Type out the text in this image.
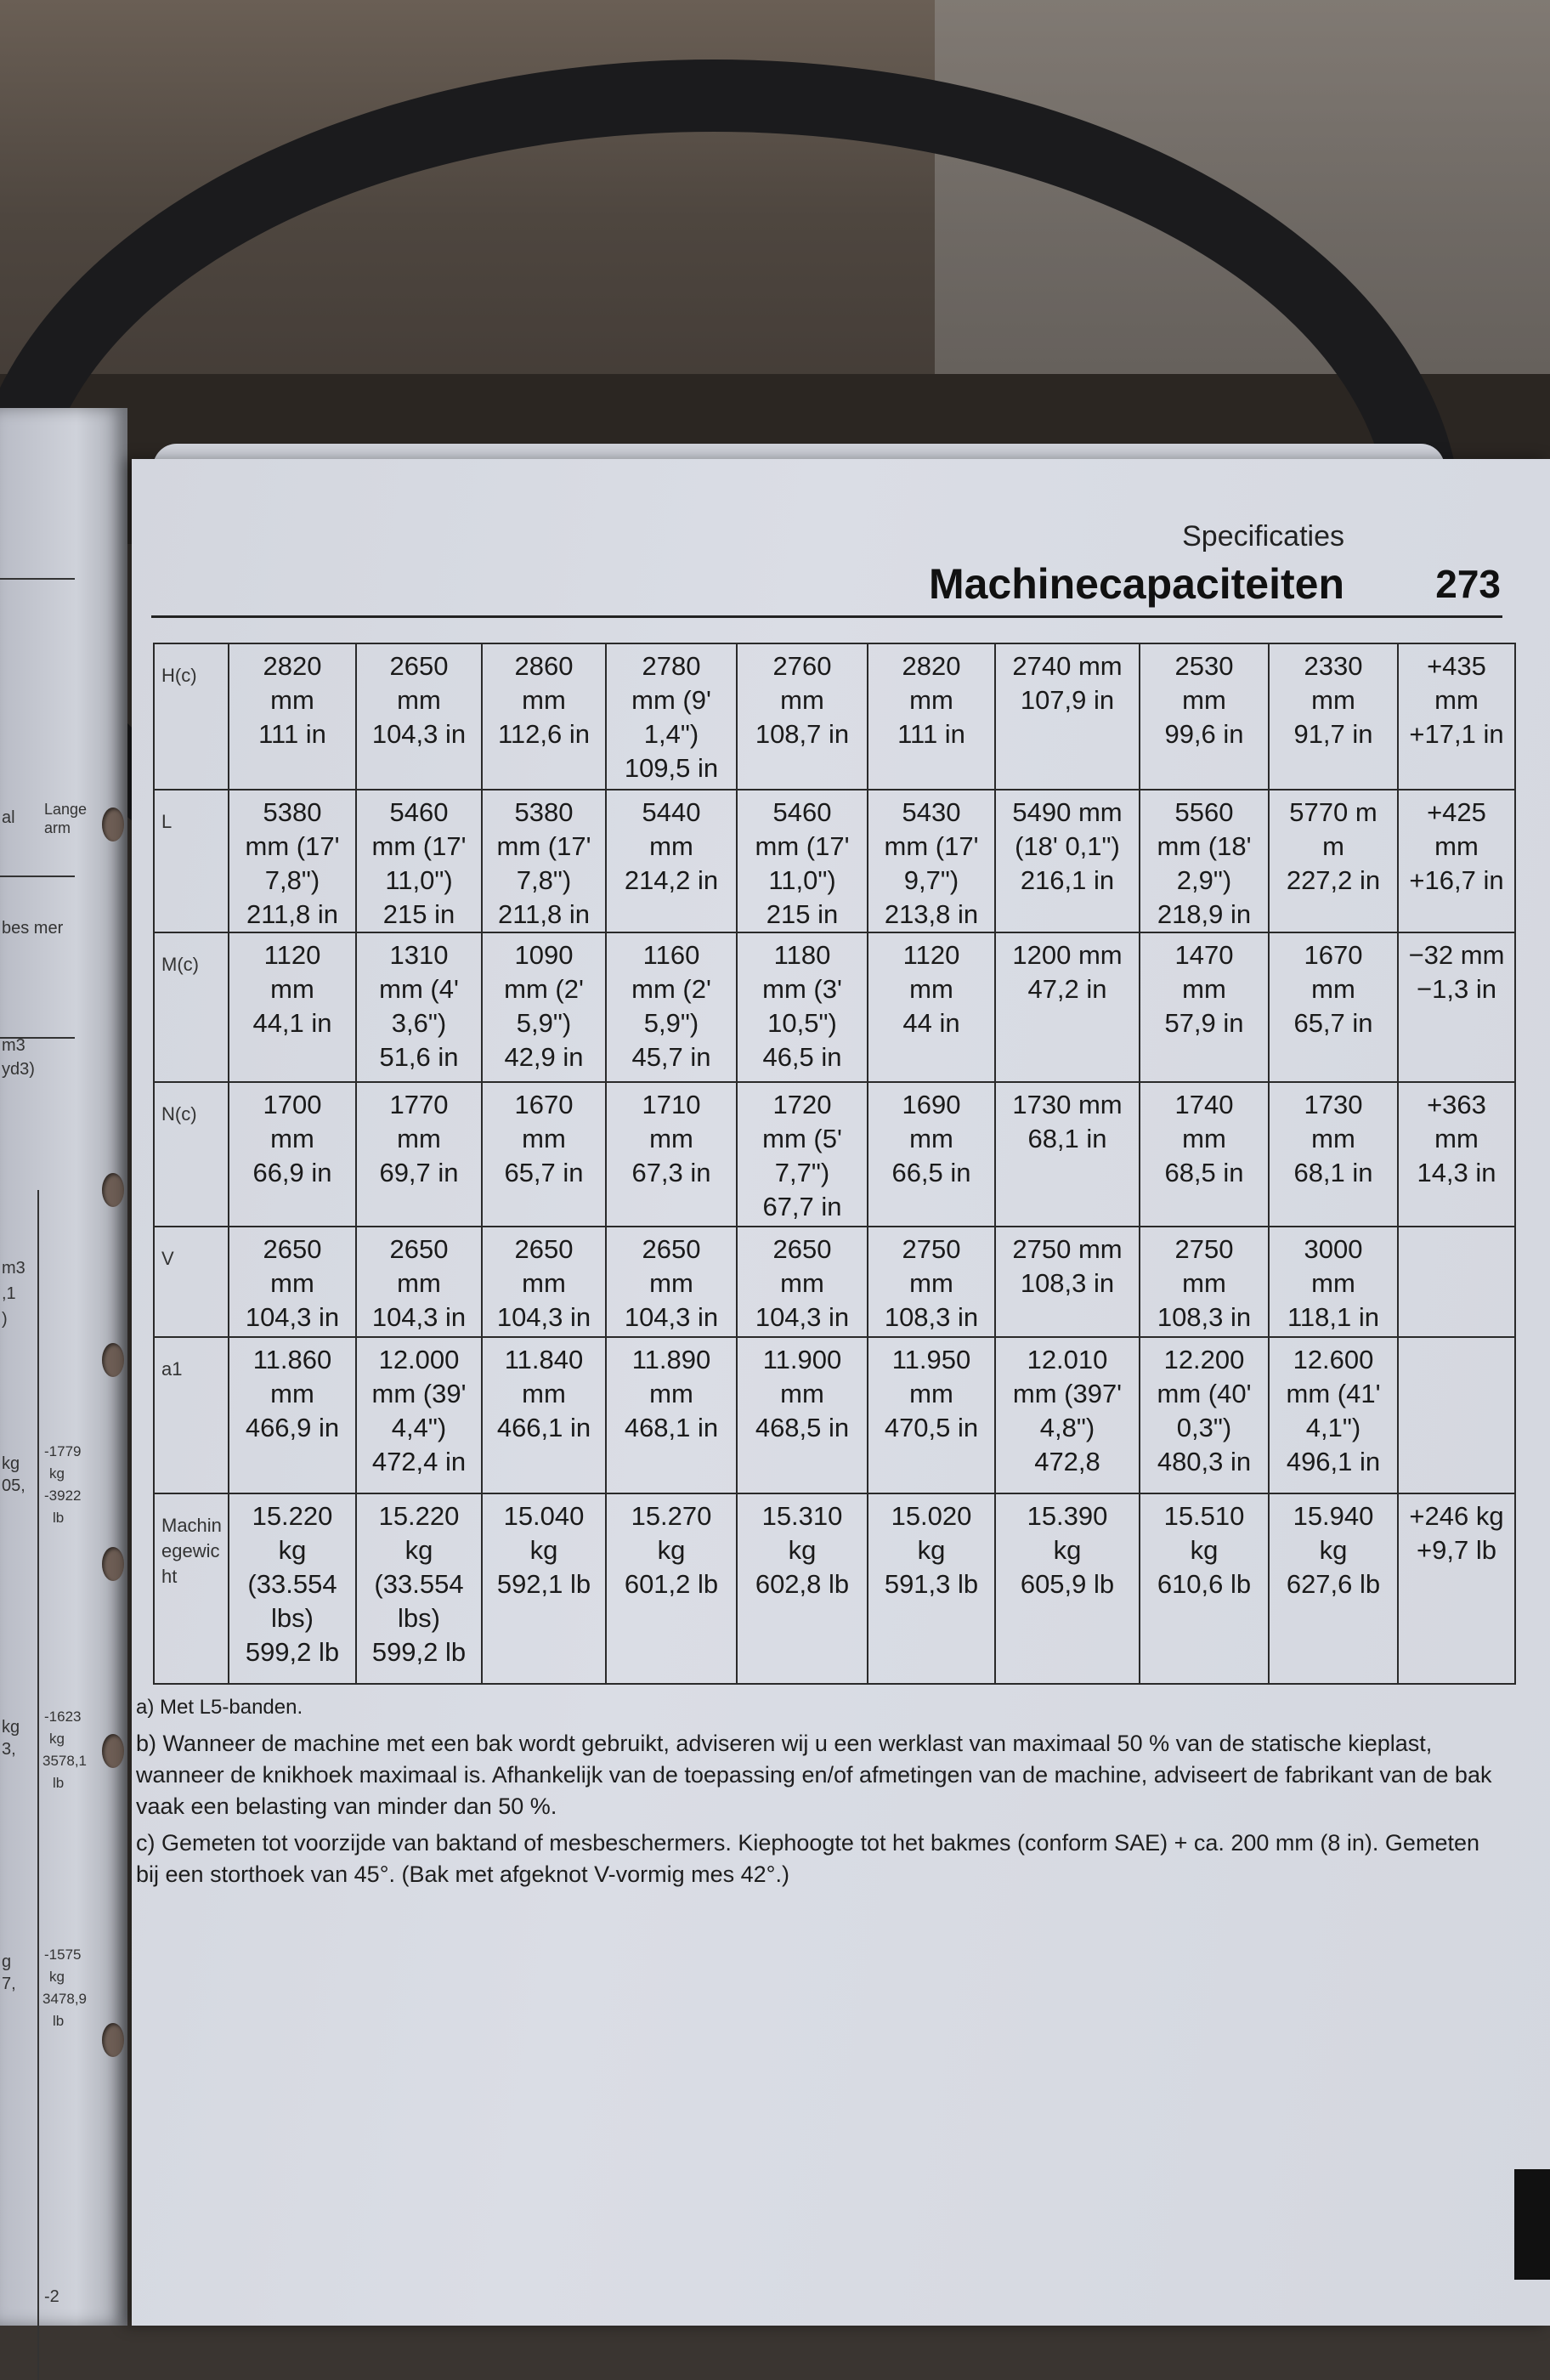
al Lange arm
bes mer
m3
yd3)
m3
,1
)
kg
05,
-1779
kg
-3922
lb
kg
3,
-1623
kg
3578,1
lb
g
7,
-1575
kg
3478,9
lb
-2
Specificaties
Machinecapaciteiten 273
H(c)	2820
mm
111 in	2650
mm
104,3 in	2860
mm
112,6 in	2780
mm (9'
1,4")
109,5 in	2760
mm
108,7 in	2820
mm
111 in	2740 mm
107,9 in	2530
mm
99,6 in	2330
mm
91,7 in	+435
mm
+17,1 in

L	5380
mm (17'
7,8")
211,8 in	5460
mm (17'
11,0")
215 in	5380
mm (17'
7,8")
211,8 in	5440
mm
214,2 in	5460
mm (17'
11,0")
215 in	5430
mm (17'
9,7")
213,8 in	5490 mm
(18' 0,1")
216,1 in	5560
mm (18'
2,9")
218,9 in	5770 m
m
227,2 in	+425
mm
+16,7 in

M(c)	1120
mm
44,1 in	1310
mm (4'
3,6")
51,6 in	1090
mm (2'
5,9")
42,9 in	1160
mm (2'
5,9")
45,7 in	1180
mm (3'
10,5")
46,5 in	1120
mm
44 in	1200 mm
47,2 in	1470
mm
57,9 in	1670
mm
65,7 in	−32 mm
−1,3 in

N(c)	1700
mm
66,9 in	1770
mm
69,7 in	1670
mm
65,7 in	1710
mm
67,3 in	1720
mm (5'
7,7")
67,7 in	1690
mm
66,5 in	1730 mm
68,1 in	1740
mm
68,5 in	1730
mm
68,1 in	+363
mm
14,3 in

V	2650
mm
104,3 in	2650
mm
104,3 in	2650
mm
104,3 in	2650
mm
104,3 in	2650
mm
104,3 in	2750
mm
108,3 in	2750 mm
108,3 in	2750
mm
108,3 in	3000
mm
118,1 in	

a1	11.860
mm
466,9 in	12.000
mm (39'
4,4")
472,4 in	11.840
mm
466,1 in	11.890
mm
468,1 in	11.900
mm
468,5 in	11.950
mm
470,5 in	12.010
mm (397'
4,8")
472,8	12.200
mm (40'
0,3")
480,3 in	12.600
mm (41'
4,1")
496,1 in	

Machin
egewic
ht	15.220
kg
(33.554
lbs)
599,2 lb	15.220
kg
(33.554
lbs)
599,2 lb	15.040
kg
592,1 lb	15.270
kg
601,2 lb	15.310
kg
602,8 lb	15.020
kg
591,3 lb	15.390
kg
605,9 lb	15.510
kg
610,6 lb	15.940
kg
627,6 lb	+246 kg
+9,7 lb

a) Met L5-banden.

b) Wanneer de machine met een bak wordt gebruikt, adviseren wij u een werklast van maximaal 50 % van de statische kieplast, wanneer de knikhoek maximaal is. Afhankelijk van de toepassing en/of afmetingen van de machine, adviseert de fabrikant van de bak vaak een belasting van minder dan 50 %.

c) Gemeten tot voorzijde van baktand of mesbeschermers. Kiephoogte tot het bakmes (conform SAE) + ca. 200 mm (8 in). Gemeten bij een storthoek van 45°. (Bak met afgeknot V-vormig mes 42°.)
